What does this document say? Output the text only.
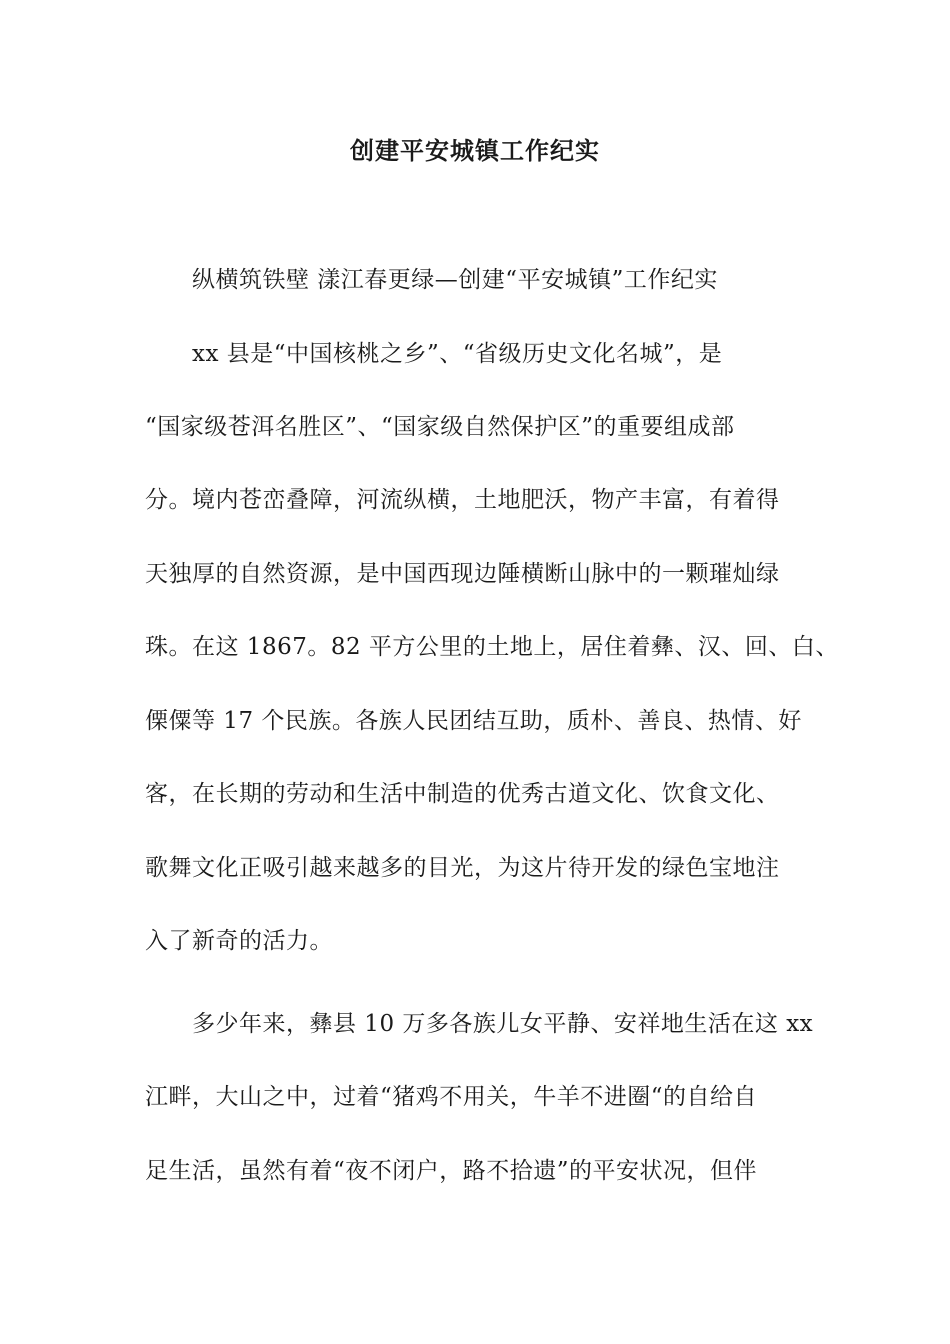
创建平安城镇工作纪实
纵横筑铁壁 漾江春更绿—创建“平安城镇”工作纪实
xx 县是“中国核桃之乡”、“省级历史文化名城”，是
“国家级苍洱名胜区”、“国家级自然保护区”的重要组成部
分。境内苍峦叠障，河流纵横，土地肥沃，物产丰富，有着得
天独厚的自然资源，是中国西现边陲横断山脉中的一颗璀灿绿
珠。在这 1867。82 平方公里的土地上，居住着彝、汉、回、白、
傈僳等 17 个民族。各族人民团结互助，质朴、善良、热情、好
客，在长期的劳动和生活中制造的优秀古道文化、饮食文化、
歌舞文化正吸引越来越多的目光，为这片待开发的绿色宝地注
入了新奇的活力。
多少年来，彝县 10 万多各族儿女平静、安祥地生活在这 xx
江畔，大山之中，过着“猪鸡不用关，牛羊不进圈“的自给自
足生活，虽然有着“夜不闭户，路不拾遗”的平安状况，但伴
